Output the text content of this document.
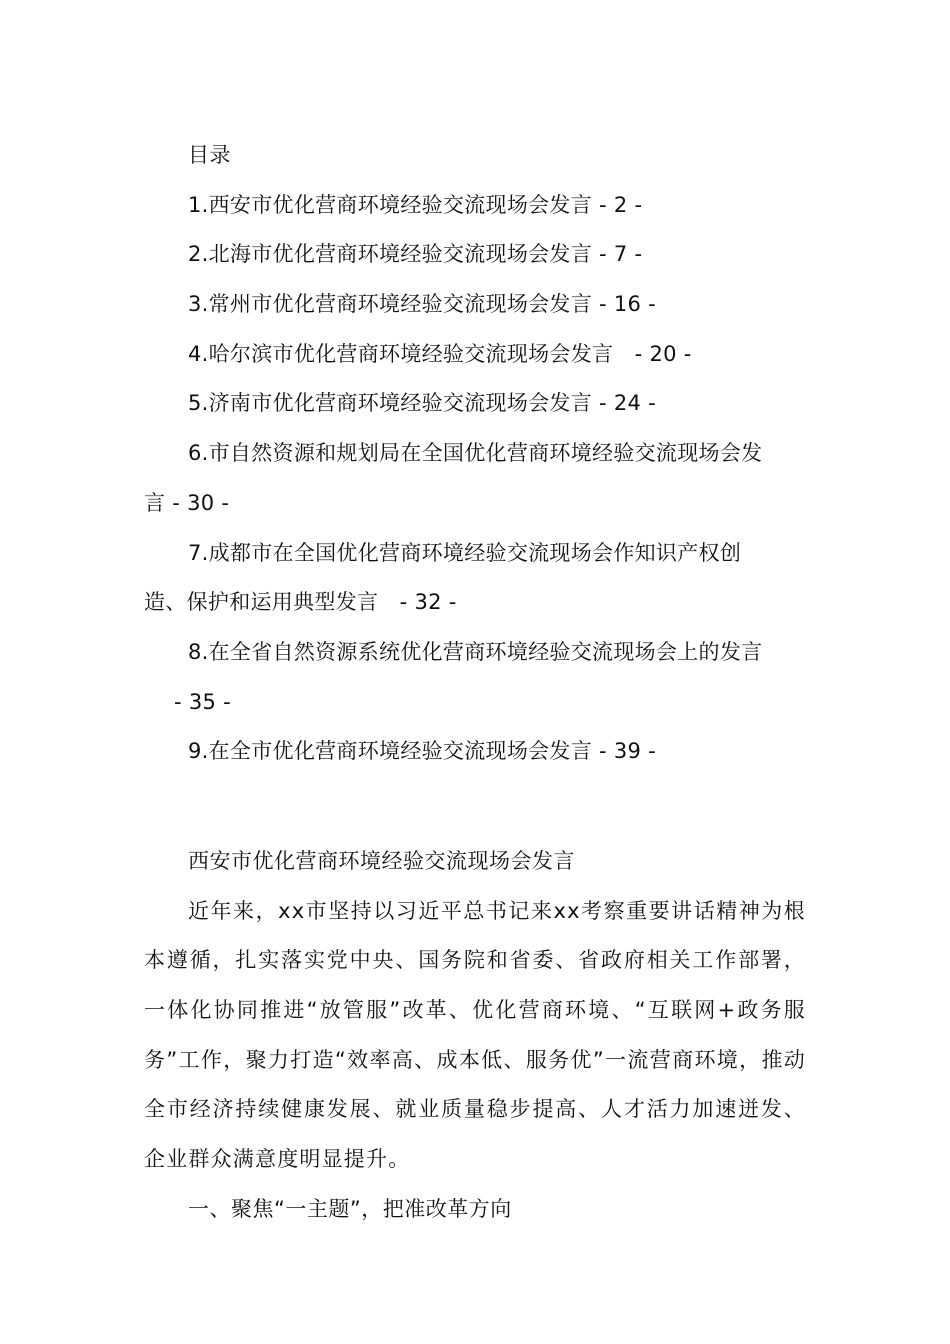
目录
1.西安市优化营商环境经验交流现场会发言 - 2 -
2.北海市优化营商环境经验交流现场会发言 - 7 -
3.常州市优化营商环境经验交流现场会发言 - 16 -
4.哈尔滨市优化营商环境经验交流现场会发言　- 20 -
5.济南市优化营商环境经验交流现场会发言 - 24 -
6.市自然资源和规划局在全国优化营商环境经验交流现场会发
言 - 30 -
7.成都市在全国优化营商环境经验交流现场会作知识产权创
造、保护和运用典型发言　- 32 -
8.在全省自然资源系统优化营商环境经验交流现场会上的发言
- 35 -
9.在全市优化营商环境经验交流现场会发言 - 39 -
西安市优化营商环境经验交流现场会发言
近年来，xx市坚持以习近平总书记来xx考察重要讲话精神为根本遵循，扎实落实党中央、国务院和省委、省政府相关工作部署，一体化协同推进“放管服”改革、优化营商环境、“互联网+政务服务”工作，聚力打造“效率高、成本低、服务优”一流营商环境，推动全市经济持续健康发展、就业质量稳步提高、人才活力加速迸发、企业群众满意度明显提升。
一、聚焦“一主题”，把准改革方向
